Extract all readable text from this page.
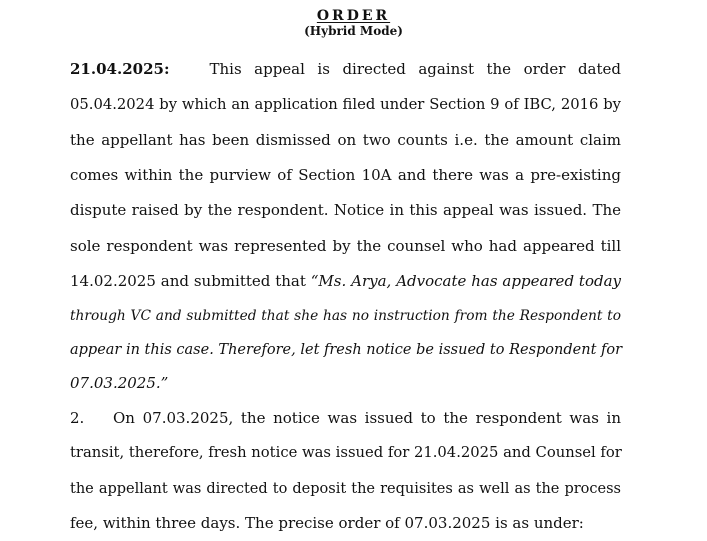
ORDER
(Hybrid Mode)
21.04.2025:	This appeal is directed against the order dated
05.04.2024 by which an application filed under Section 9 of IBC, 2016 by
the appellant has been dismissed on two counts i.e. the amount claim
comes within the purview of Section 10A and there was a pre-existing
dispute raised by the respondent. Notice in this appeal was issued. The
sole respondent was represented by the counsel who had appeared till
14.02.2025 and submitted that “Ms. Arya, Advocate has appeared today
through VC and submitted that she has no instruction from the Respondent to
appear in this case. Therefore, let fresh notice be issued to Respondent for
07.03.2025.”
2. On 07.03.2025, the notice was issued to the respondent was in
transit, therefore, fresh notice was issued for 21.04.2025 and Counsel for
the appellant was directed to deposit the requisites as well as the process
fee, within three days. The precise order of 07.03.2025 is as under:
